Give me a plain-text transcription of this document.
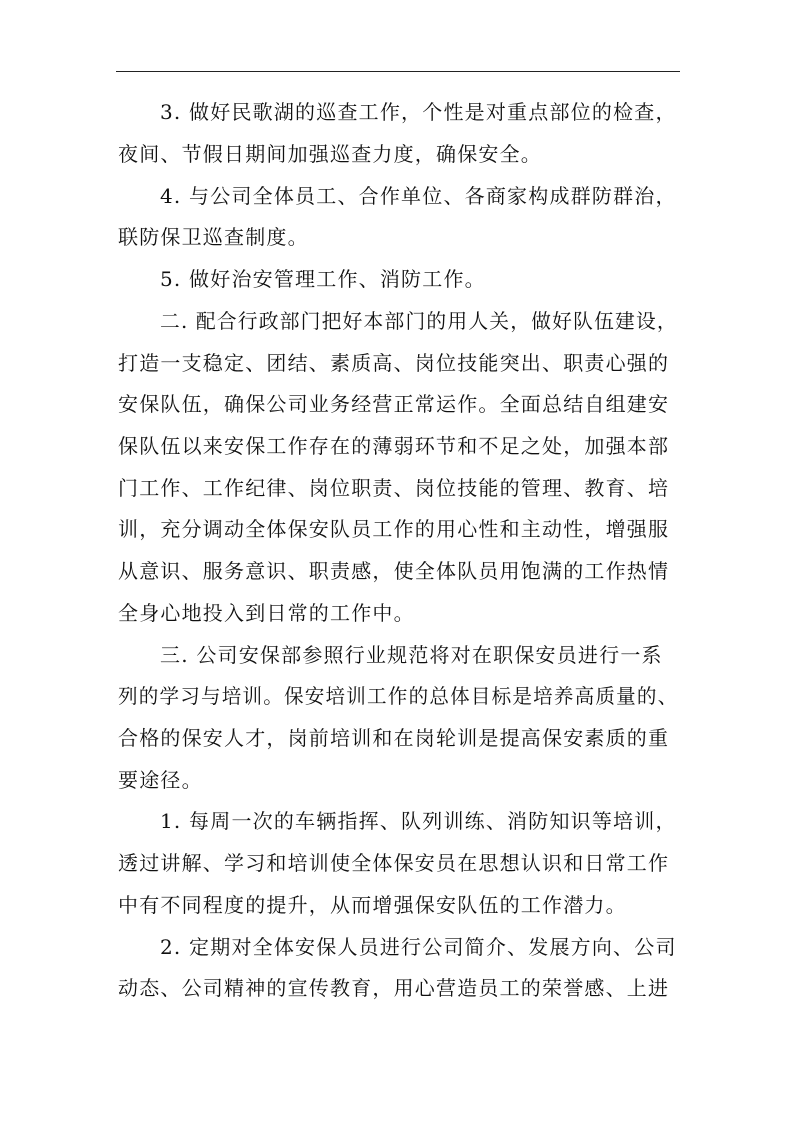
3. 做好民歌湖的巡查工作，个性是对重点部位的检查，
夜间、节假日期间加强巡查力度，确保安全。
4. 与公司全体员工、合作单位、各商家构成群防群治，
联防保卫巡查制度。
5. 做好治安管理工作、消防工作。
二. 配合行政部门把好本部门的用人关，做好队伍建设，
打造一支稳定、团结、素质高、岗位技能突出、职责心强的
安保队伍，确保公司业务经营正常运作。全面总结自组建安
保队伍以来安保工作存在的薄弱环节和不足之处，加强本部
门工作、工作纪律、岗位职责、岗位技能的管理、教育、培
训，充分调动全体保安队员工作的用心性和主动性，增强服
从意识、服务意识、职责感，使全体队员用饱满的工作热情
全身心地投入到日常的工作中。
三. 公司安保部参照行业规范将对在职保安员进行一系
列的学习与培训。保安培训工作的总体目标是培养高质量的、
合格的保安人才，岗前培训和在岗轮训是提高保安素质的重
要途径。
1. 每周一次的车辆指挥、队列训练、消防知识等培训，
透过讲解、学习和培训使全体保安员在思想认识和日常工作
中有不同程度的提升，从而增强保安队伍的工作潜力。
2. 定期对全体安保人员进行公司简介、发展方向、公司
动态、公司精神的宣传教育，用心营造员工的荣誉感、上进
